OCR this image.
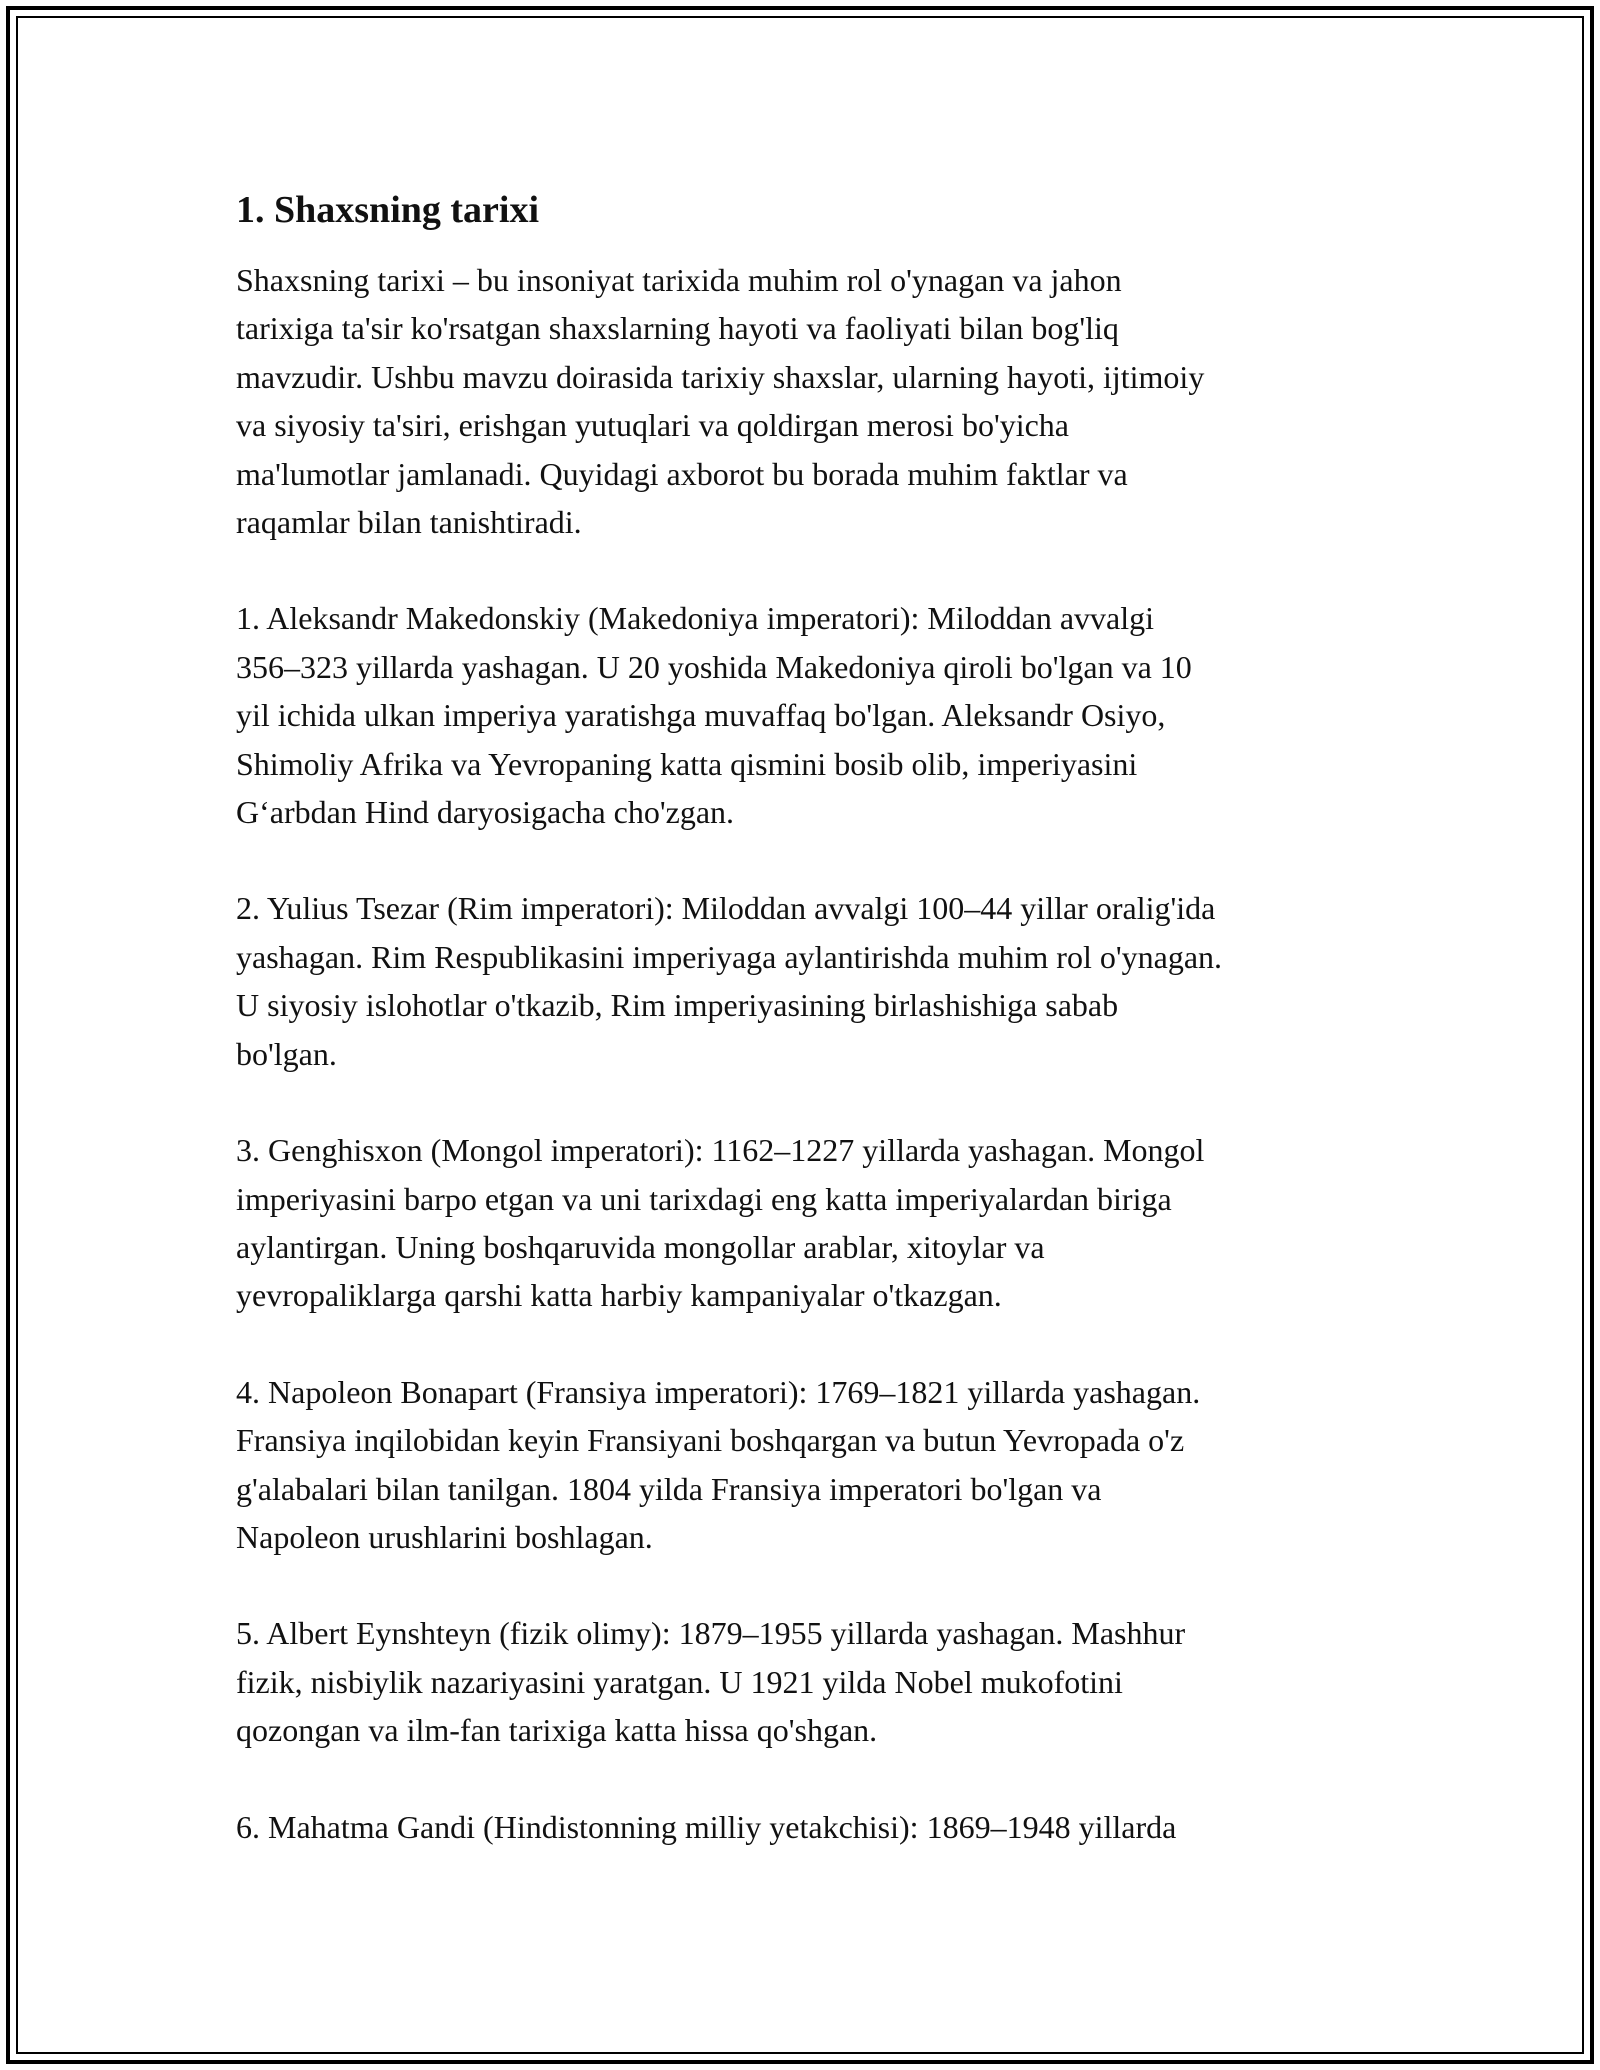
1. Shaxsning tarixi

Shaxsning tarixi – bu insoniyat tarixida muhim rol o'ynagan va jahon
tarixiga ta'sir ko'rsatgan shaxslarning hayoti va faoliyati bilan bog'liq
mavzudir. Ushbu mavzu doirasida tarixiy shaxslar, ularning hayoti, ijtimoiy
va siyosiy ta'siri, erishgan yutuqlari va qoldirgan merosi bo'yicha
ma'lumotlar jamlanadi. Quyidagi axborot bu borada muhim faktlar va
raqamlar bilan tanishtiradi.

1. Aleksandr Makedonskiy (Makedoniya imperatori): Miloddan avvalgi
356–323 yillarda yashagan. U 20 yoshida Makedoniya qiroli bo'lgan va 10
yil ichida ulkan imperiya yaratishga muvaffaq bo'lgan. Aleksandr Osiyo,
Shimoliy Afrika va Yevropaning katta qismini bosib olib, imperiyasini
G‘arbdan Hind daryosigacha cho'zgan.

2. Yulius Tsezar (Rim imperatori): Miloddan avvalgi 100–44 yillar oralig'ida
yashagan. Rim Respublikasini imperiyaga aylantirishda muhim rol o'ynagan.
U siyosiy islohotlar o'tkazib, Rim imperiyasining birlashishiga sabab
bo'lgan.

3. Genghisxon (Mongol imperatori): 1162–1227 yillarda yashagan. Mongol
imperiyasini barpo etgan va uni tarixdagi eng katta imperiyalardan biriga
aylantirgan. Uning boshqaruvida mongollar arablar, xitoylar va
yevropaliklarga qarshi katta harbiy kampaniyalar o'tkazgan.

4. Napoleon Bonapart (Fransiya imperatori): 1769–1821 yillarda yashagan.
Fransiya inqilobidan keyin Fransiyani boshqargan va butun Yevropada o'z
g'alabalari bilan tanilgan. 1804 yilda Fransiya imperatori bo'lgan va
Napoleon urushlarini boshlagan.

5. Albert Eynshteyn (fizik olimy): 1879–1955 yillarda yashagan. Mashhur
fizik, nisbiylik nazariyasini yaratgan. U 1921 yilda Nobel mukofotini
qozongan va ilm-fan tarixiga katta hissa qo'shgan.

6. Mahatma Gandi (Hindistonning milliy yetakchisi): 1869–1948 yillarda
